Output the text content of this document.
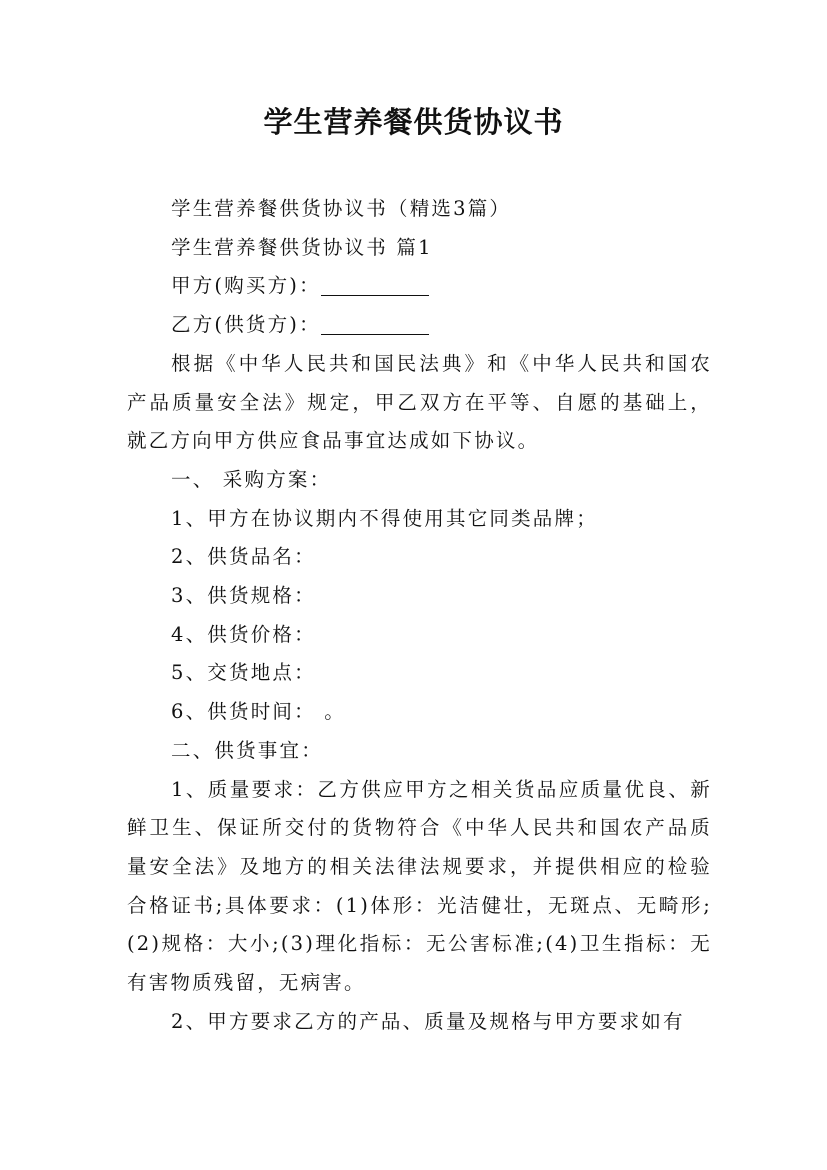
学生营养餐供货协议书

学生营养餐供货协议书（精选3篇）

学生营养餐供货协议书 篇1

甲方(购买方)：

乙方(供货方)：

根据《中华人民共和国民法典》和《中华人民共和国农产品质量安全法》规定，甲乙双方在平等、自愿的基础上，就乙方向甲方供应食品事宜达成如下协议。

一、 采购方案：

1、甲方在协议期内不得使用其它同类品牌；

2、供货品名：

3、供货规格：

4、供货价格：

5、交货地点：

6、供货时间： 。

二、供货事宜：

1、质量要求：乙方供应甲方之相关货品应质量优良、新鲜卫生、保证所交付的货物符合《中华人民共和国农产品质量安全法》及地方的相关法律法规要求，并提供相应的检验合格证书;具体要求：(1)体形：光洁健壮，无斑点、无畸形;(2)规格：大小;(3)理化指标：无公害标准;(4)卫生指标：无有害物质残留，无病害。

2、甲方要求乙方的产品、质量及规格与甲方要求如有
